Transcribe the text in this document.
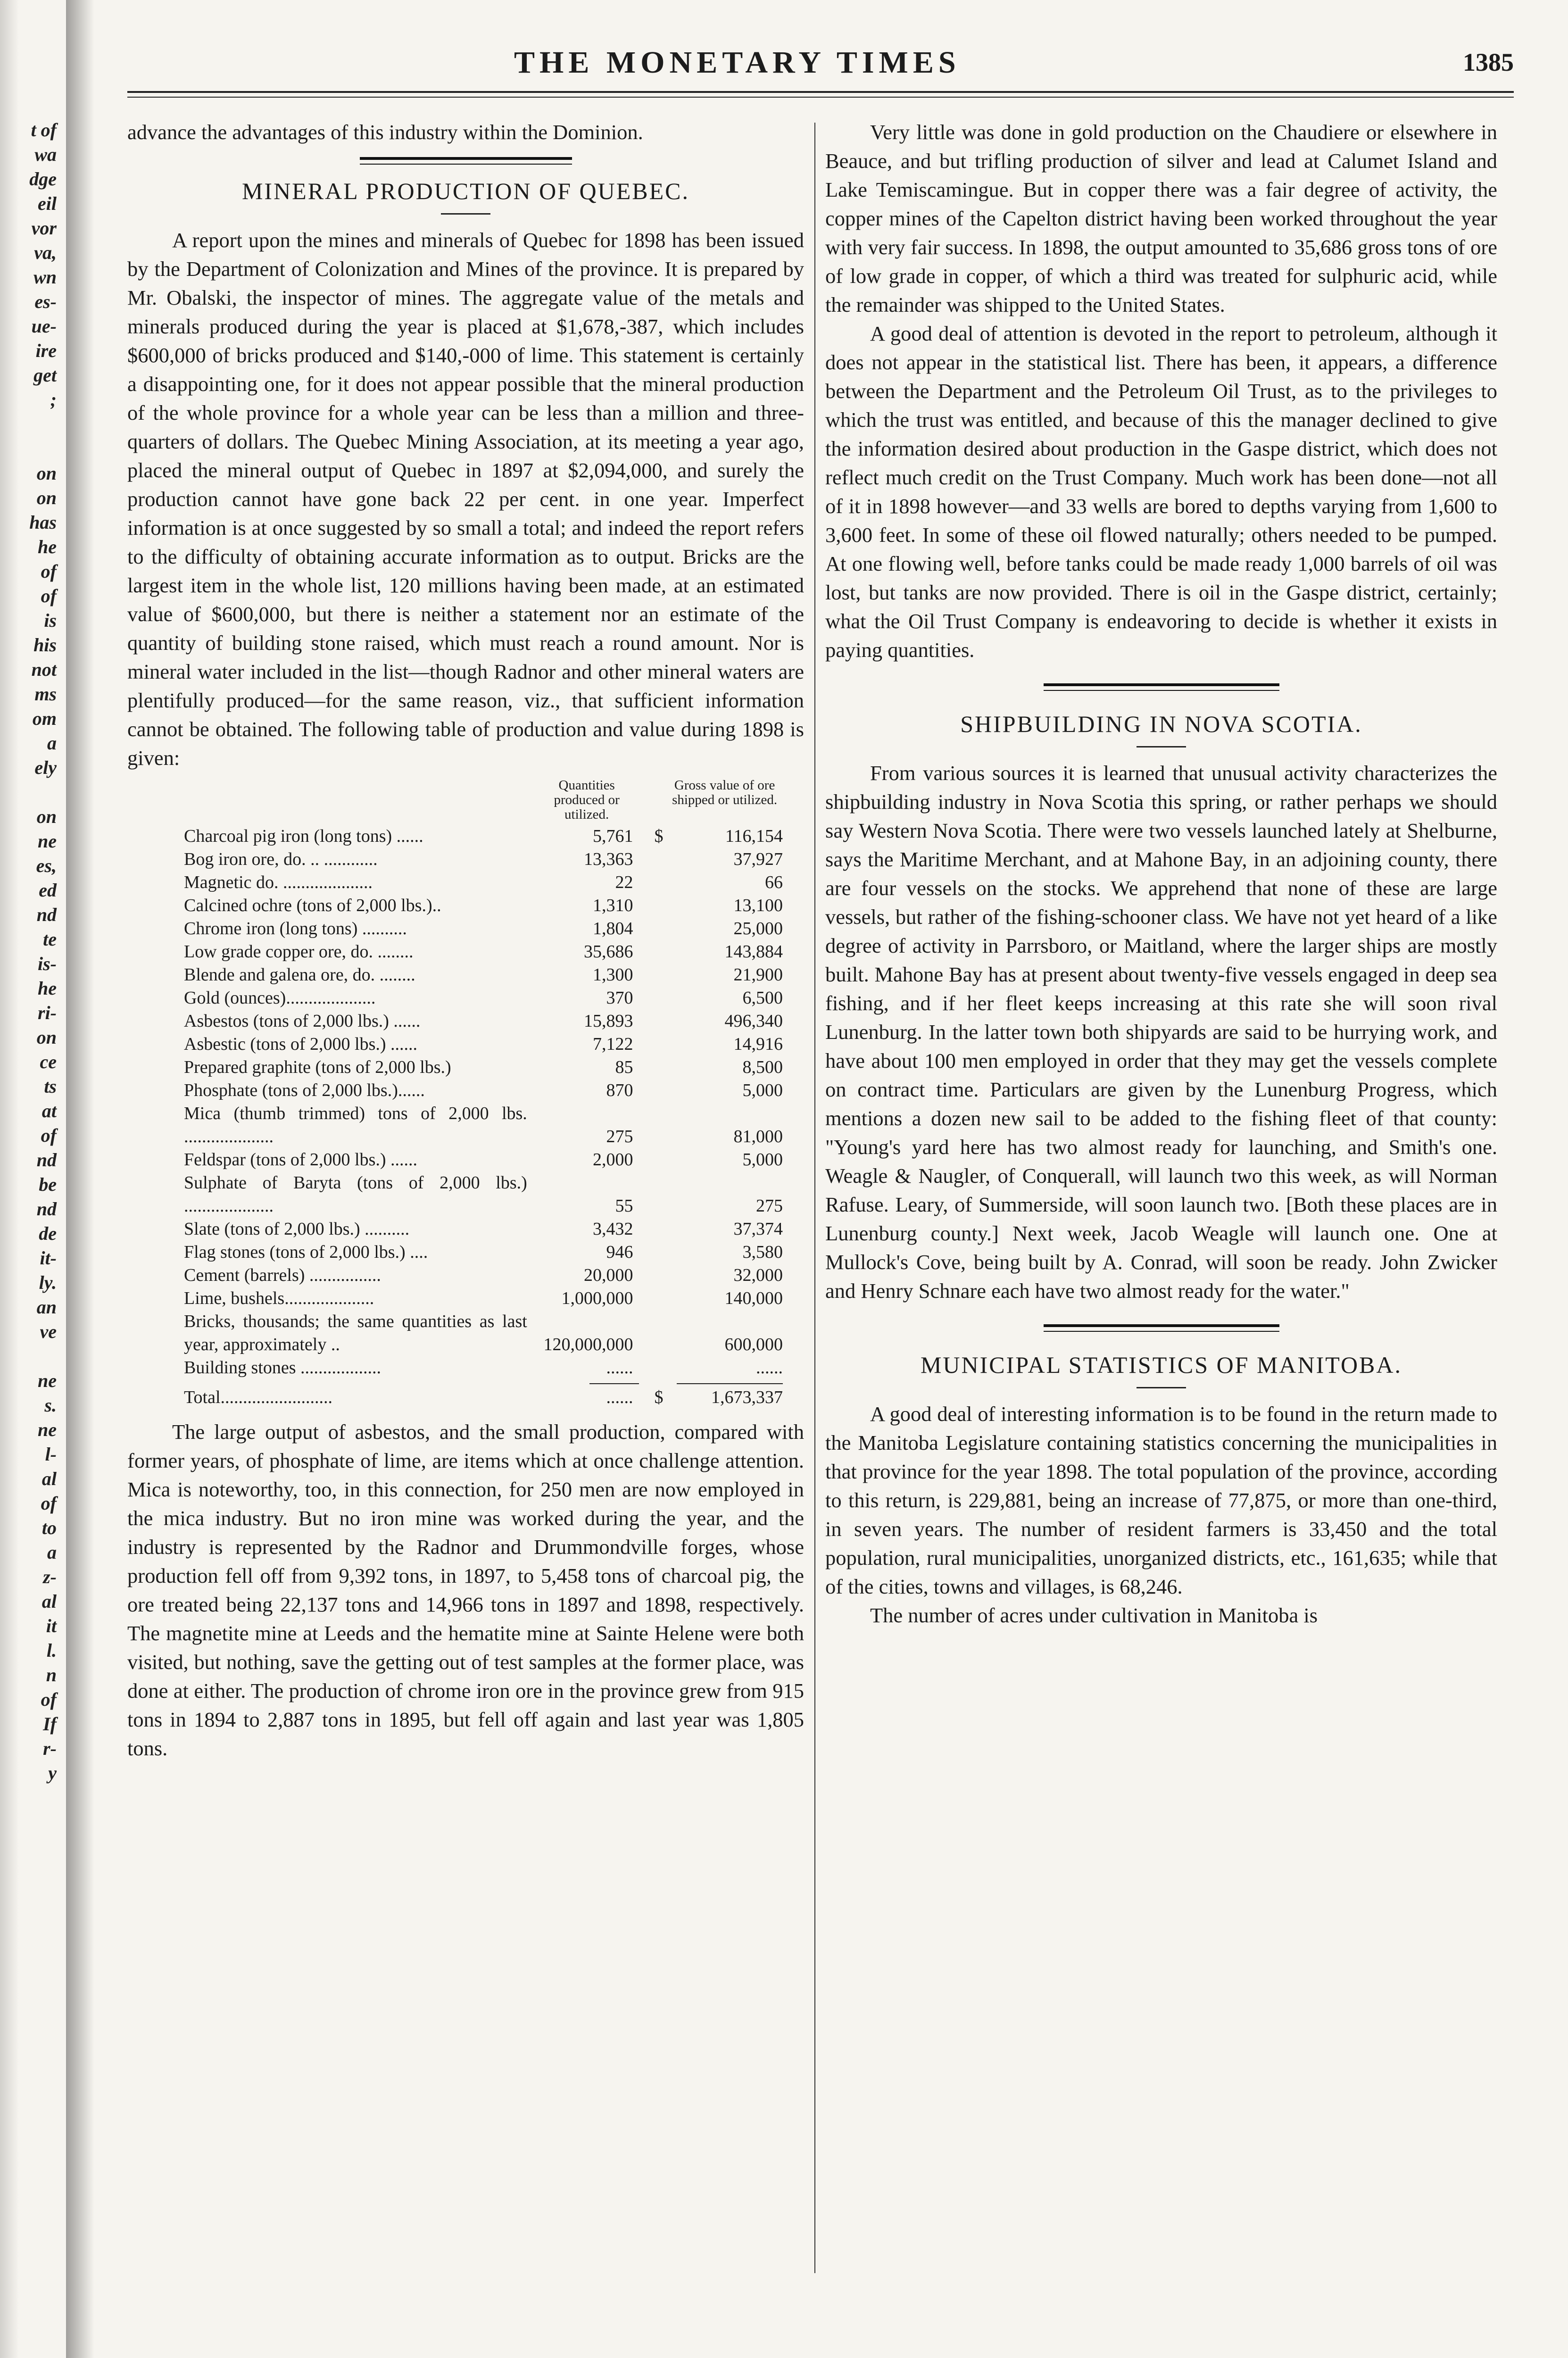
t of
wa
dge
eil
vor
va,
wn
es-
ue-
ire
get
;
on
on
has
he
of
of
is
his
not
ms
om
a
ely
on
ne
es,
ed
nd
te
is-
he
ri-
on
ce
ts
at
of
nd
be
nd
de
it-
ly.
an
ve
ne
s.
ne
l-
al
of
to
a
z-
al
it
l.
n
of
If
r-
y
THE MONETARY TIMES	1385

advance the advantages of this industry within the Dominion.

MINERAL PRODUCTION OF QUEBEC.

A report upon the mines and minerals of Quebec for 1898 has been issued by the Department of Colonization and Mines of the province. It is prepared by Mr. Obalski, the inspector of mines. The aggregate value of the metals and minerals produced during the year is placed at $1,678,-387, which includes $600,000 of bricks produced and $140,-000 of lime. This statement is certainly a disappointing one, for it does not appear possible that the mineral production of the whole province for a whole year can be less than a million and three-quarters of dollars. The Quebec Mining Association, at its meeting a year ago, placed the mineral output of Quebec in 1897 at $2,094,000, and surely the production cannot have gone back 22 per cent. in one year. Imperfect information is at once suggested by so small a total; and indeed the report refers to the difficulty of obtaining accurate information as to output. Bricks are the largest item in the whole list, 120 millions having been made, at an estimated value of $600,000, but there is neither a statement nor an estimate of the quantity of building stone raised, which must reach a round amount. Nor is mineral water included in the list—though Radnor and other mineral waters are plentifully produced—for the same reason, viz., that sufficient information cannot be obtained. The following table of production and value during 1898 is given:

Quantities produced or utilized.
Gross value of ore shipped or utilized.
Charcoal pig iron (long tons) ......	5,761 $	116,154
Bog iron ore, do. .. ............	13,363	37,927
Magnetic do. ....................	22	66
Calcined ochre (tons of 2,000 lbs.)..	1,310	13,100
Chrome iron (long tons) ..........	1,804	25,000
Low grade copper ore, do. ........	35,686	143,884
Blende and galena ore, do. ........	1,300	21,900
Gold (ounces)....................	370	6,500
Asbestos (tons of 2,000 lbs.) ......	15,893	496,340
Asbestic (tons of 2,000 lbs.) ......	7,122	14,916
Prepared graphite (tons of 2,000 lbs.)	85	8,500
Phosphate (tons of 2,000 lbs.)......	870	5,000
Mica (thumb trimmed) tons of 2,000 lbs. ....................	275	81,000
Feldspar (tons of 2,000 lbs.) ......	2,000	5,000
Sulphate of Baryta (tons of 2,000 lbs.) ....................	55	275
Slate (tons of 2,000 lbs.) ..........	3,432	37,374
Flag stones (tons of 2,000 lbs.) ....	946	3,580
Cement (barrels) ................	20,000	32,000
Lime, bushels....................	1,000,000	140,000
Bricks, thousands; the same quantities as last year, approximately ..	120,000,000	600,000
Building stones ..................	......	......
Total.........................	...... $	1,673,337

The large output of asbestos, and the small production, compared with former years, of phosphate of lime, are items which at once challenge attention. Mica is noteworthy, too, in this connection, for 250 men are now employed in the mica industry. But no iron mine was worked during the year, and the industry is represented by the Radnor and Drummondville forges, whose production fell off from 9,392 tons, in 1897, to 5,458 tons of charcoal pig, the ore treated being 22,137 tons and 14,966 tons in 1897 and 1898, respectively. The magnetite mine at Leeds and the hematite mine at Sainte Helene were both visited, but nothing, save the getting out of test samples at the former place, was done at either. The production of chrome iron ore in the province grew from 915 tons in 1894 to 2,887 tons in 1895, but fell off again and last year was 1,805 tons.

Very little was done in gold production on the Chaudiere or elsewhere in Beauce, and but trifling production of silver and lead at Calumet Island and Lake Temiscamingue. But in copper there was a fair degree of activity, the copper mines of the Capelton district having been worked throughout the year with very fair success. In 1898, the output amounted to 35,686 gross tons of ore of low grade in copper, of which a third was treated for sulphuric acid, while the remainder was shipped to the United States.

A good deal of attention is devoted in the report to petroleum, although it does not appear in the statistical list. There has been, it appears, a difference between the Department and the Petroleum Oil Trust, as to the privileges to which the trust was entitled, and because of this the manager declined to give the information desired about production in the Gaspe district, which does not reflect much credit on the Trust Company. Much work has been done—not all of it in 1898 however—and 33 wells are bored to depths varying from 1,600 to 3,600 feet. In some of these oil flowed naturally; others needed to be pumped. At one flowing well, before tanks could be made ready 1,000 barrels of oil was lost, but tanks are now provided. There is oil in the Gaspe district, certainly; what the Oil Trust Company is endeavoring to decide is whether it exists in paying quantities.

SHIPBUILDING IN NOVA SCOTIA.

From various sources it is learned that unusual activity characterizes the shipbuilding industry in Nova Scotia this spring, or rather perhaps we should say Western Nova Scotia. There were two vessels launched lately at Shelburne, says the Maritime Merchant, and at Mahone Bay, in an adjoining county, there are four vessels on the stocks. We apprehend that none of these are large vessels, but rather of the fishing-schooner class. We have not yet heard of a like degree of activity in Parrsboro, or Maitland, where the larger ships are mostly built. Mahone Bay has at present about twenty-five vessels engaged in deep sea fishing, and if her fleet keeps increasing at this rate she will soon rival Lunenburg. In the latter town both shipyards are said to be hurrying work, and have about 100 men employed in order that they may get the vessels complete on contract time. Particulars are given by the Lunenburg Progress, which mentions a dozen new sail to be added to the fishing fleet of that county: "Young's yard here has two almost ready for launching, and Smith's one. Weagle & Naugler, of Conquerall, will launch two this week, as will Norman Rafuse. Leary, of Summerside, will soon launch two. [Both these places are in Lunenburg county.] Next week, Jacob Weagle will launch one. One at Mullock's Cove, being built by A. Conrad, will soon be ready. John Zwicker and Henry Schnare each have two almost ready for the water."

MUNICIPAL STATISTICS OF MANITOBA.

A good deal of interesting information is to be found in the return made to the Manitoba Legislature containing statistics concerning the municipalities in that province for the year 1898. The total population of the province, according to this return, is 229,881, being an increase of 77,875, or more than one-third, in seven years. The number of resident farmers is 33,450 and the total population, rural municipalities, unorganized districts, etc., 161,635; while that of the cities, towns and villages, is 68,246.

The number of acres under cultivation in Manitoba is
